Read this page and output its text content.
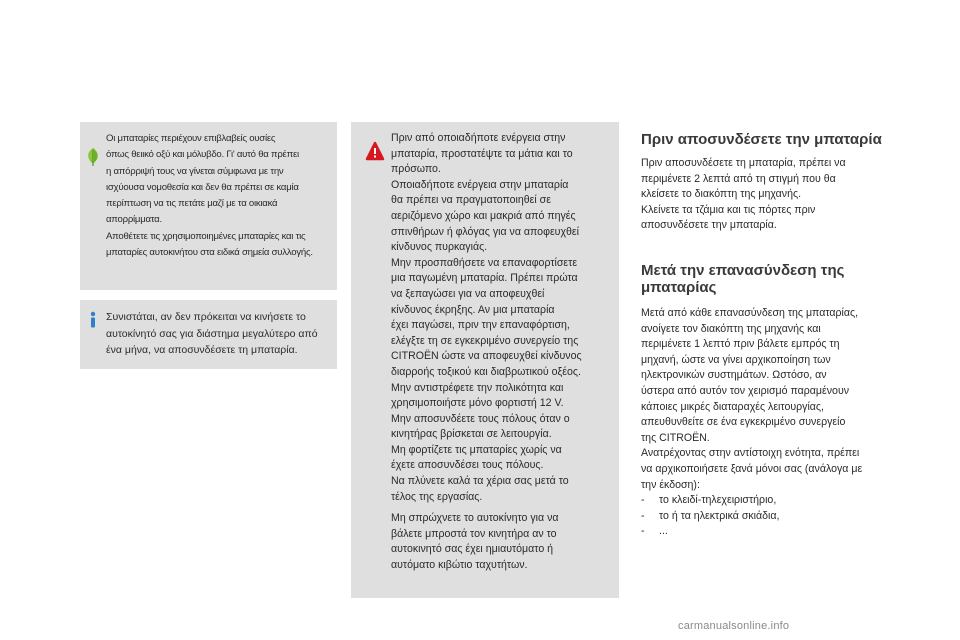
Οι μπαταρίες περιέχουν επιβλαβείς ουσίες

όπως θειικό οξύ και μόλυβδο. Γι' αυτό θα πρέπει

η απόρριψή τους να γίνεται σύμφωνα με την

ισχύουσα νομοθεσία και δεν θα πρέπει σε καμία

περίπτωση να τις πετάτε μαζί με τα οικιακά

απορρίμματα.

Αποθέτετε τις χρησιμοποιημένες μπαταρίες και τις

μπαταρίες αυτοκινήτου στα ειδικά σημεία συλλογής.

Συνιστάται, αν δεν πρόκειται να κινήσετε το

αυτοκίνητό σας για διάστημα μεγαλύτερο από

ένα μήνα, να αποσυνδέσετε τη μπαταρία.

Πριν από οποιαδήποτε ενέργεια στην

μπαταρία, προστατέψτε τα μάτια και το

πρόσωπο.

Οποιαδήποτε ενέργεια στην μπαταρία

θα πρέπει να πραγματοποιηθεί σε

αεριζόμενο χώρο και μακριά από πηγές

σπινθήρων ή φλόγας για να αποφευχθεί

κίνδυνος πυρκαγιάς.

Μην προσπαθήσετε να επαναφορτίσετε

μια παγωμένη μπαταρία. Πρέπει πρώτα

να ξεπαγώσει για να αποφευχθεί

κίνδυνος έκρηξης. Αν μια μπαταρία

έχει παγώσει, πριν την επαναφόρτιση,

ελέγξτε τη σε εγκεκριμένο συνεργείο της

CITROËN ώστε να αποφευχθεί κίνδυνος

διαρροής τοξικού και διαβρωτικού οξέος.

Μην αντιστρέφετε την πολικότητα και

χρησιμοποιήστε μόνο φορτιστή 12 V.

Μην αποσυνδέετε τους πόλους όταν ο

κινητήρας βρίσκεται σε λειτουργία.

Μη φορτίζετε τις μπαταρίες χωρίς να

έχετε αποσυνδέσει τους πόλους.

Να πλύνετε καλά τα χέρια σας μετά το

τέλος της εργασίας.

Μη σπρώχνετε το αυτοκίνητο για να

βάλετε μπροστά τον κινητήρα αν το

αυτοκινητό σας έχει ημιαυτόματο ή

αυτόματο κιβώτιο ταχυτήτων.

Πριν αποσυνδέσετε την μπαταρία

Πριν αποσυνδέσετε τη μπαταρία, πρέπει να

περιμένετε 2 λεπτά από τη στιγμή που θα

κλείσετε το διακόπτη της μηχανής.

Κλείνετε τα τζάμια και τις πόρτες πριν

αποσυνδέσετε την μπαταρία.

Μετά την επανασύνδεση της
μπαταρίας

Μετά από κάθε επανασύνδεση της μπαταρίας,

ανοίγετε τον διακόπτη της μηχανής και

περιμένετε 1 λεπτό πριν βάλετε εμπρός τη

μηχανή, ώστε να γίνει αρχικοποίηση των

ηλεκτρονικών συστημάτων. Ωστόσο, αν

ύστερα από αυτόν τον χειρισμό παραμένουν

κάποιες μικρές διαταραχές λειτουργίας,

απευθυνθείτε σε ένα εγκεκριμένο συνεργείο

της CITROËN.

Ανατρέχοντας στην αντίστοιχη ενότητα, πρέπει

να αρχικοποιήσετε ξανά μόνοι σας (ανάλογα με

την έκδοση):

- το κλειδί-τηλεχειριστήριο,

- το ή τα ηλεκτρικά σκιάδια,

- ...

carmanualsonline.info
